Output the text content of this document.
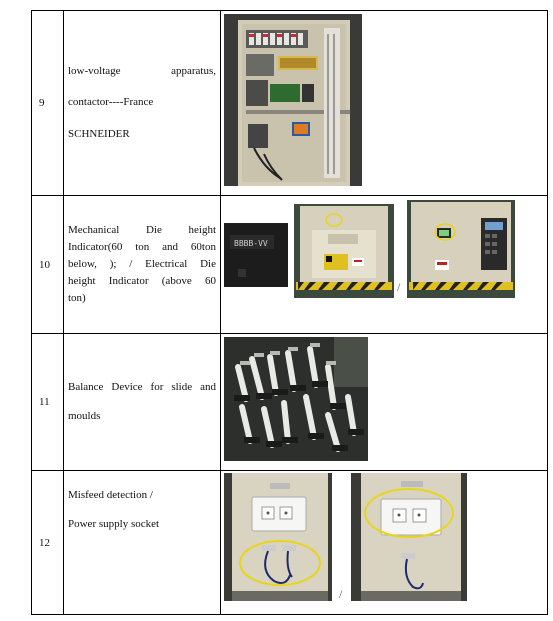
9	low-voltage apparatus,
contactor----France
SCHNEIDER

10	Mechanical Die height
Indicator(60 ton and 60ton
below, ); / Electrical Die
height Indicator (above 60
ton)	BBBB-VV
/

11	Balance Device for slide and
moulds

12	Misfeed detection /
Power supply socket	/
